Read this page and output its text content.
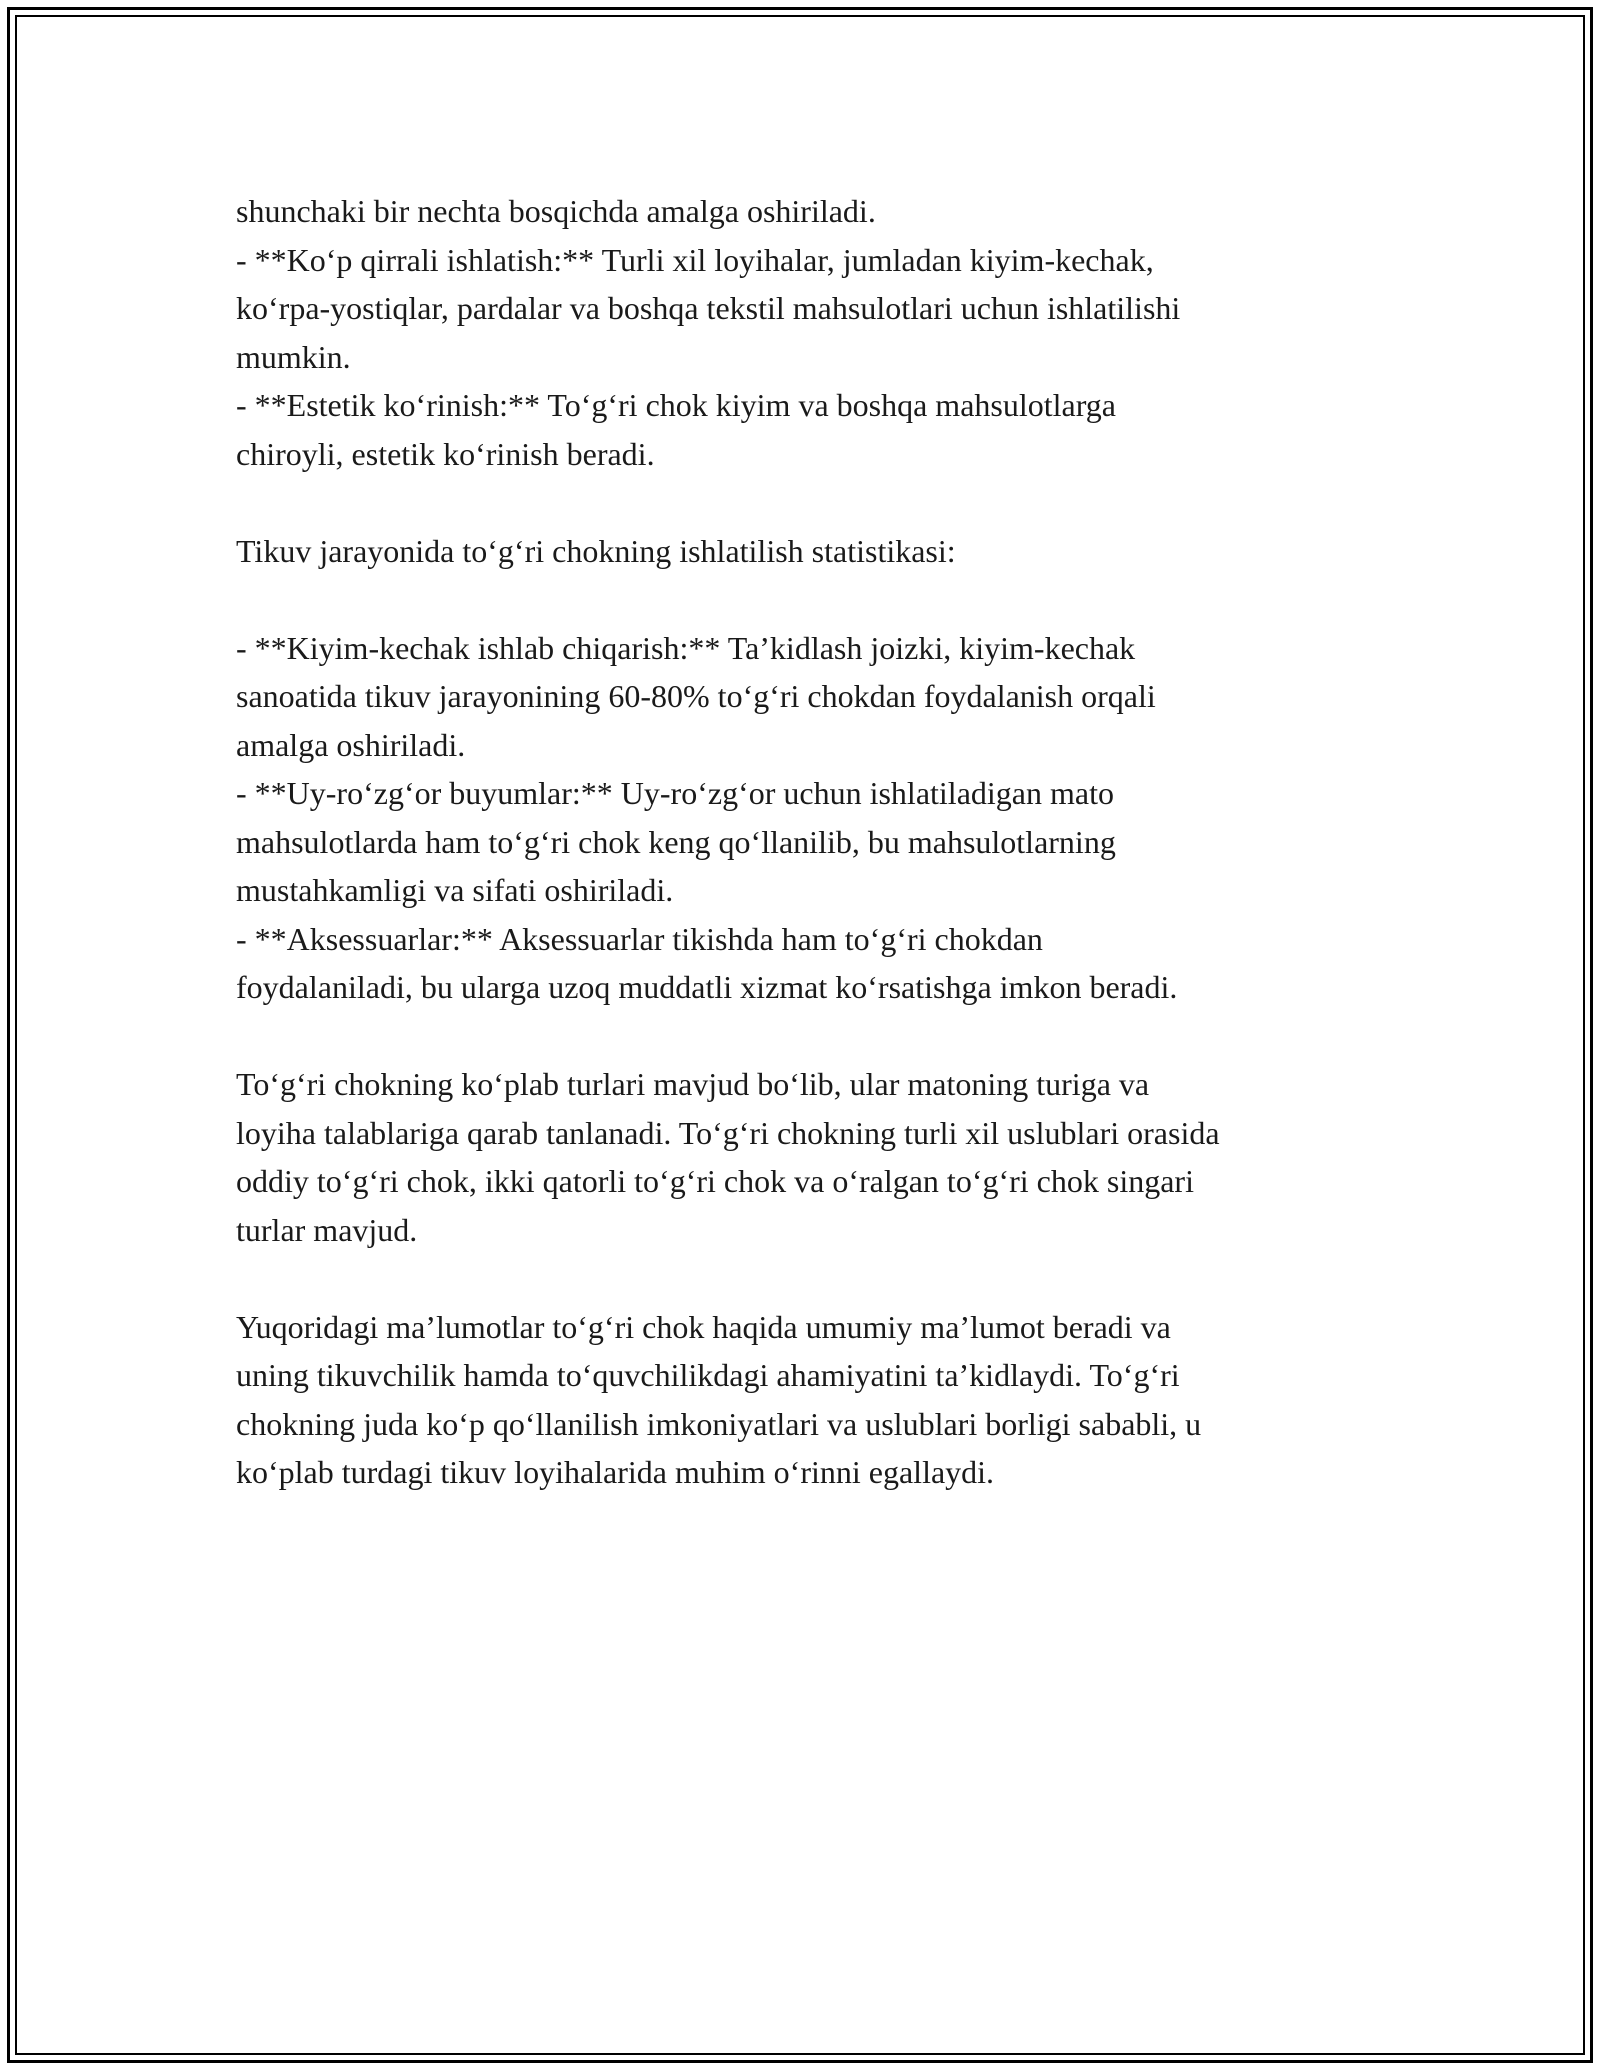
shunchaki bir nechta bosqichda amalga oshiriladi.
- **Ko‘p qirrali ishlatish:** Turli xil loyihalar, jumladan kiyim-kechak,
ko‘rpa-yostiqlar, pardalar va boshqa tekstil mahsulotlari uchun ishlatilishi
mumkin.
- **Estetik ko‘rinish:** To‘g‘ri chok kiyim va boshqa mahsulotlarga
chiroyli, estetik ko‘rinish beradi.
Tikuv jarayonida to‘g‘ri chokning ishlatilish statistikasi:
- **Kiyim-kechak ishlab chiqarish:** Ta’kidlash joizki, kiyim-kechak
sanoatida tikuv jarayonining 60-80% to‘g‘ri chokdan foydalanish orqali
amalga oshiriladi.
- **Uy-ro‘zg‘or buyumlar:** Uy-ro‘zg‘or uchun ishlatiladigan mato
mahsulotlarda ham to‘g‘ri chok keng qo‘llanilib, bu mahsulotlarning
mustahkamligi va sifati oshiriladi.
- **Aksessuarlar:** Aksessuarlar tikishda ham to‘g‘ri chokdan
foydalaniladi, bu ularga uzoq muddatli xizmat ko‘rsatishga imkon beradi.
To‘g‘ri chokning ko‘plab turlari mavjud bo‘lib, ular matoning turiga va
loyiha talablariga qarab tanlanadi. To‘g‘ri chokning turli xil uslublari orasida
oddiy to‘g‘ri chok, ikki qatorli to‘g‘ri chok va o‘ralgan to‘g‘ri chok singari
turlar mavjud.
Yuqoridagi ma’lumotlar to‘g‘ri chok haqida umumiy ma’lumot beradi va
uning tikuvchilik hamda to‘quvchilikdagi ahamiyatini ta’kidlaydi. To‘g‘ri
chokning juda ko‘p qo‘llanilish imkoniyatlari va uslublari borligi sababli, u
ko‘plab turdagi tikuv loyihalarida muhim o‘rinni egallaydi.
